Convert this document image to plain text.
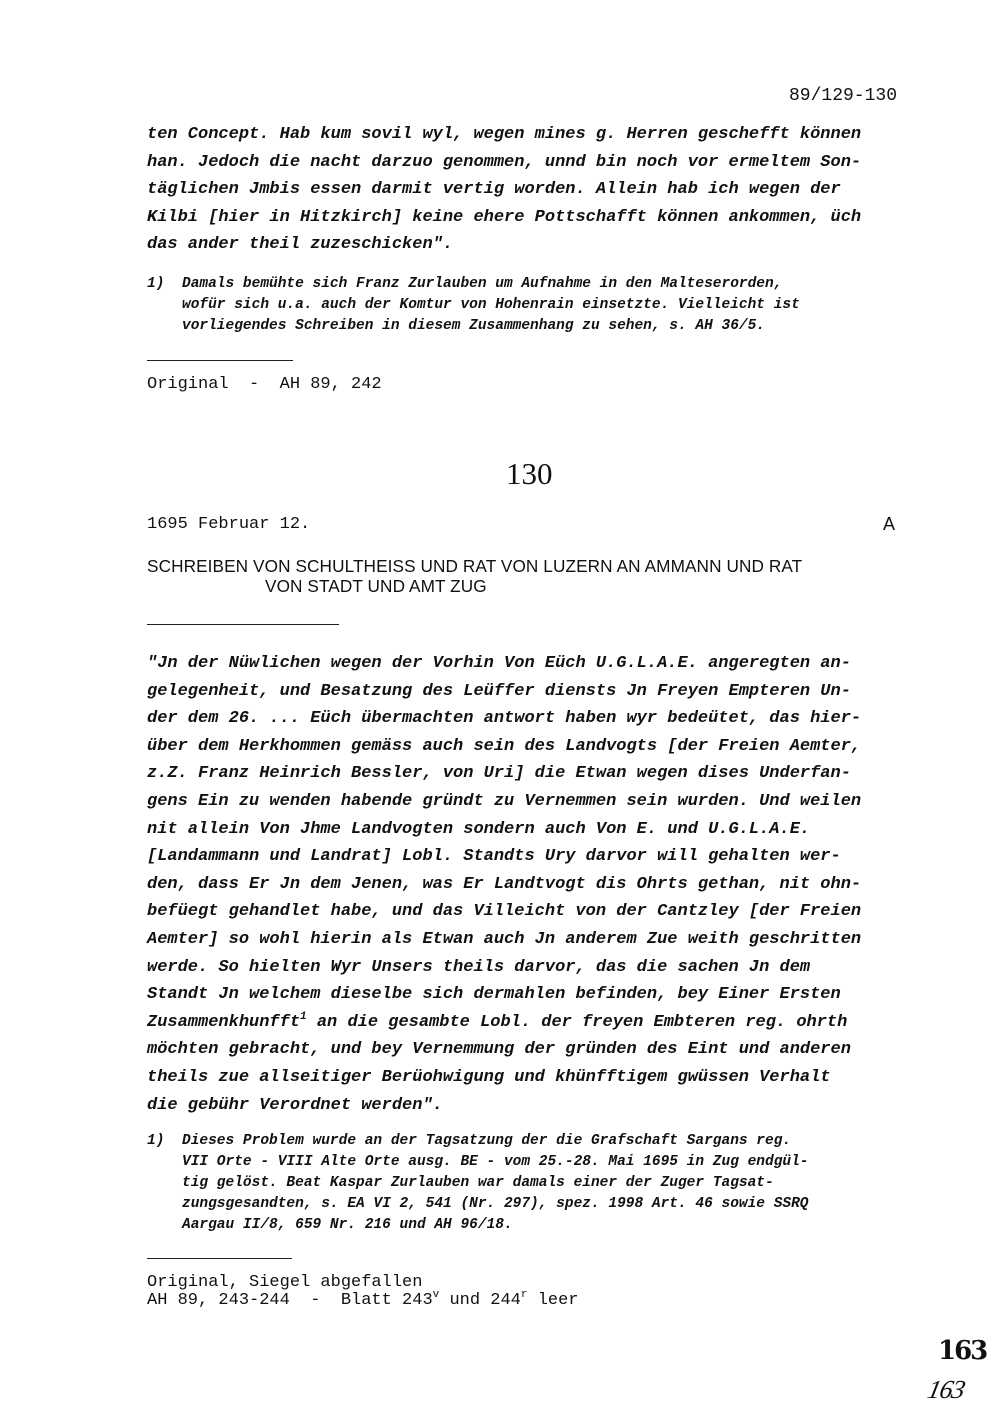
89/129-130
ten Concept. Hab kum sovil wyl, wegen mines g. Herren geschefft können
han. Jedoch die nacht darzuo genommen, unnd bin noch vor ermeltem Son-
täglichen Jmbis essen darmit vertig worden. Allein hab ich wegen der
Kilbi [hier in Hitzkirch] keine ehere Pottschafft können ankommen, üch
das ander theil zuzeschicken".
1) Damals bemühte sich Franz Zurlauben um Aufnahme in den Malteserorden,
wofür sich u.a. auch der Komtur von Hohenrain einsetzte. Vielleicht ist
vorliegendes Schreiben in diesem Zusammenhang zu sehen, s. AH 36/5.
Original  -  AH 89, 242
130
1695 Februar 12.	A
SCHREIBEN VON SCHULTHEISS UND RAT VON LUZERN AN AMMANN UND RAT
VON STADT UND AMT ZUG
"Jn der Nüwlichen wegen der Vorhin Von Eüch U.G.L.A.E. angeregten an-
gelegenheit, und Besatzung des Leüffer diensts Jn Freyen Empteren Un-
der dem 26. ... Eüch übermachten antwort haben wyr bedeütet, das hier-
über dem Herkhommen gemäss auch sein des Landvogts [der Freien Aemter,
z.Z. Franz Heinrich Bessler, von Uri] die Etwan wegen dises Underfan-
gens Ein zu wenden habende gründt zu Vernemmen sein wurden. Und weilen
nit allein Von Jhme Landvogten sondern auch Von E. und U.G.L.A.E.
[Landammann und Landrat] Lobl. Standts Ury darvor will gehalten wer-
den, dass Er Jn dem Jenen, was Er Landtvogt dis Ohrts gethan, nit ohn-
befüegt gehandlet habe, und das Villeicht von der Cantzley [der Freien
Aemter] so wohl hierin als Etwan auch Jn anderem Zue weith geschritten
werde. So hielten Wyr Unsers theils darvor, das die sachen Jn dem
Standt Jn welchem dieselbe sich dermahlen befinden, bey Einer Ersten
Zusammenkhunfft$^1$ an die gesambte Lobl. der freyen Embteren reg. ohrth
möchten gebracht, und bey Vernemmung der gründen des Eint und anderen
theils zue allseitiger Berüohwigung und khünfftigem gwüssen Verhalt
die gebühr Verordnet werden".
1) Dieses Problem wurde an der Tagsatzung der die Grafschaft Sargans reg.
VII Orte - VIII Alte Orte ausg. BE - vom 25.-28. Mai 1695 in Zug endgül-
tig gelöst. Beat Kaspar Zurlauben war damals einer der Zuger Tagsat-
zungsgesandten, s. EA VI 2, 541 (Nr. 297), spez. 1998 Art. 46 sowie SSRQ
Aargau II/8, 659 Nr. 216 und AH 96/18.
Original, Siegel abgefallen
AH 89, 243-244  -  Blatt 243$^v$ und 244$^r$ leer
163
163
